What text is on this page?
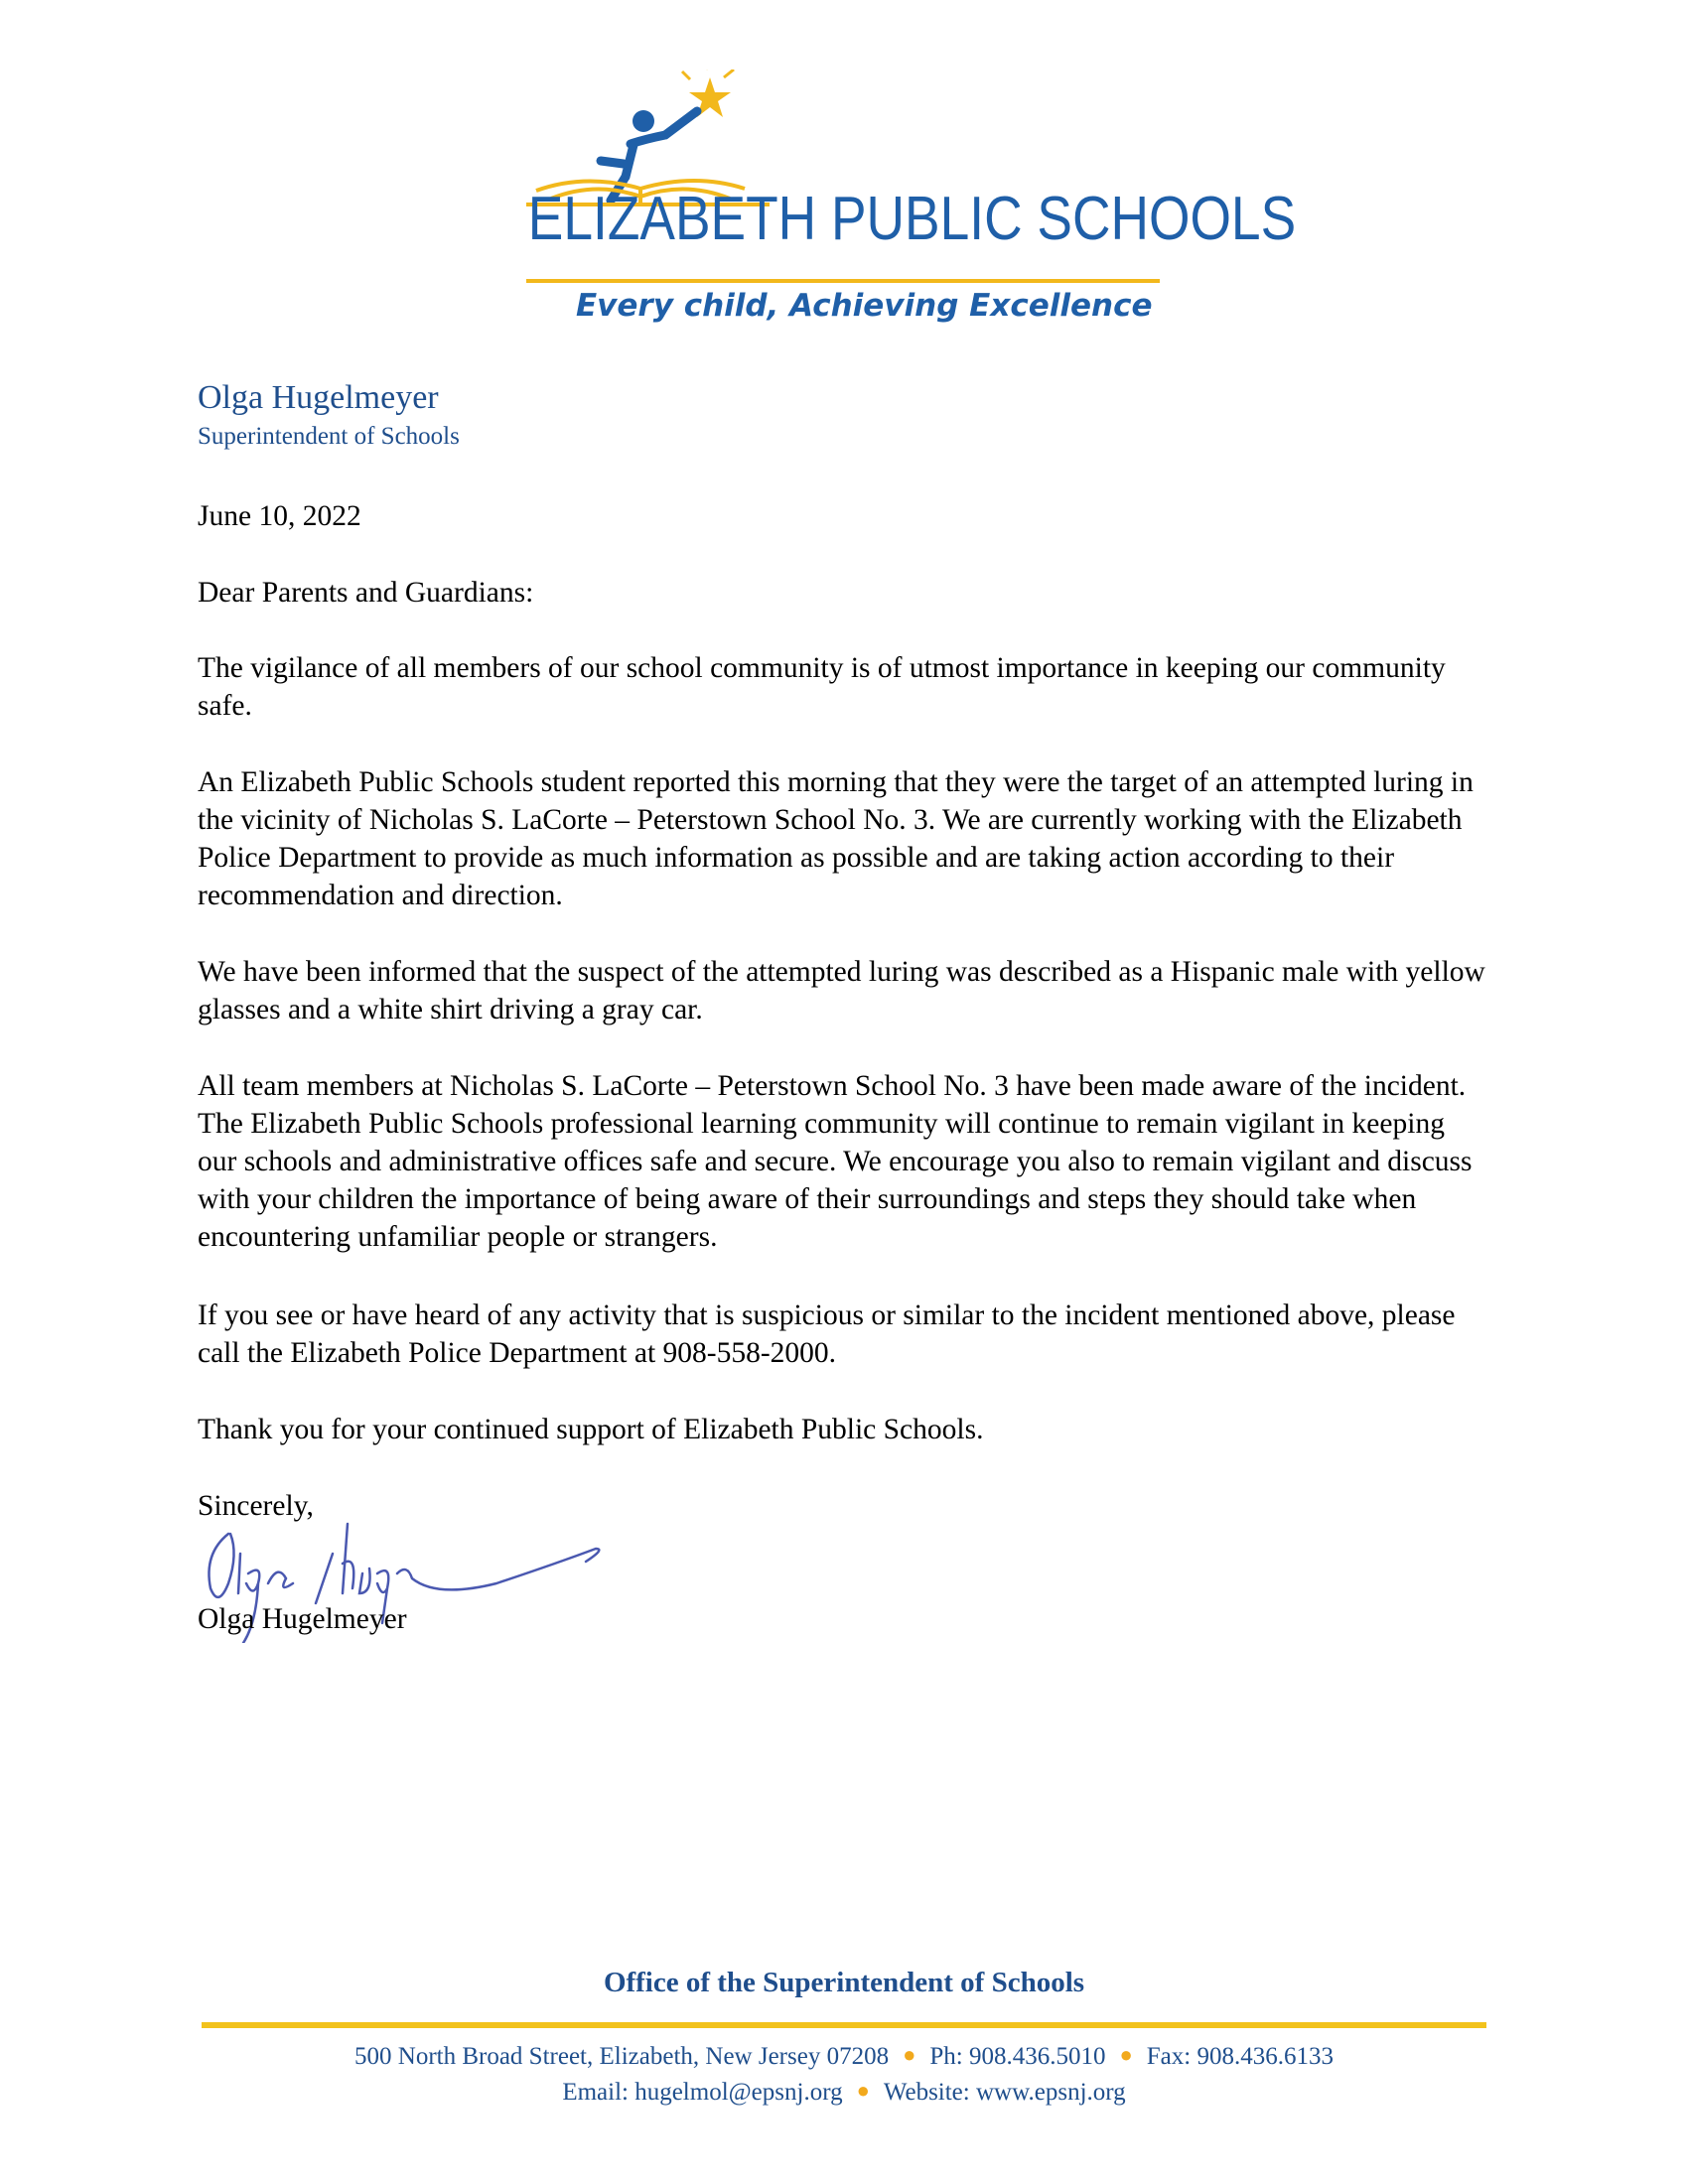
ELIZABETH PUBLIC SCHOOLS
Every child, Achieving Excellence
Olga Hugelmeyer
Superintendent of Schools
June 10, 2022
Dear Parents and Guardians:
The vigilance of all members of our school community is of utmost importance in keeping our community safe.
An Elizabeth Public Schools student reported this morning that they were the target of an attempted luring in the vicinity of Nicholas S. LaCorte – Peterstown School No. 3. We are currently working with the Elizabeth Police Department to provide as much information as possible and are taking action according to their recommendation and direction.
We have been informed that the suspect of the attempted luring was described as a Hispanic male with yellow glasses and a white shirt driving a gray car.
All team members at Nicholas S. LaCorte – Peterstown School No. 3 have been made aware of the incident. The Elizabeth Public Schools professional learning community will continue to remain vigilant in keeping our schools and administrative offices safe and secure. We encourage you also to remain vigilant and discuss with your children the importance of being aware of their surroundings and steps they should take when encountering unfamiliar people or strangers.
If you see or have heard of any activity that is suspicious or similar to the incident mentioned above, please call the Elizabeth Police Department at 908-558-2000.
Thank you for your continued support of Elizabeth Public Schools.
Sincerely,
Olga Hugelmeyer
Office of the Superintendent of Schools
500 North Broad Street, Elizabeth, New Jersey 07208 ● Ph: 908.436.5010 ● Fax: 908.436.6133
Email: hugelmol@epsnj.org ● Website: www.epsnj.org
